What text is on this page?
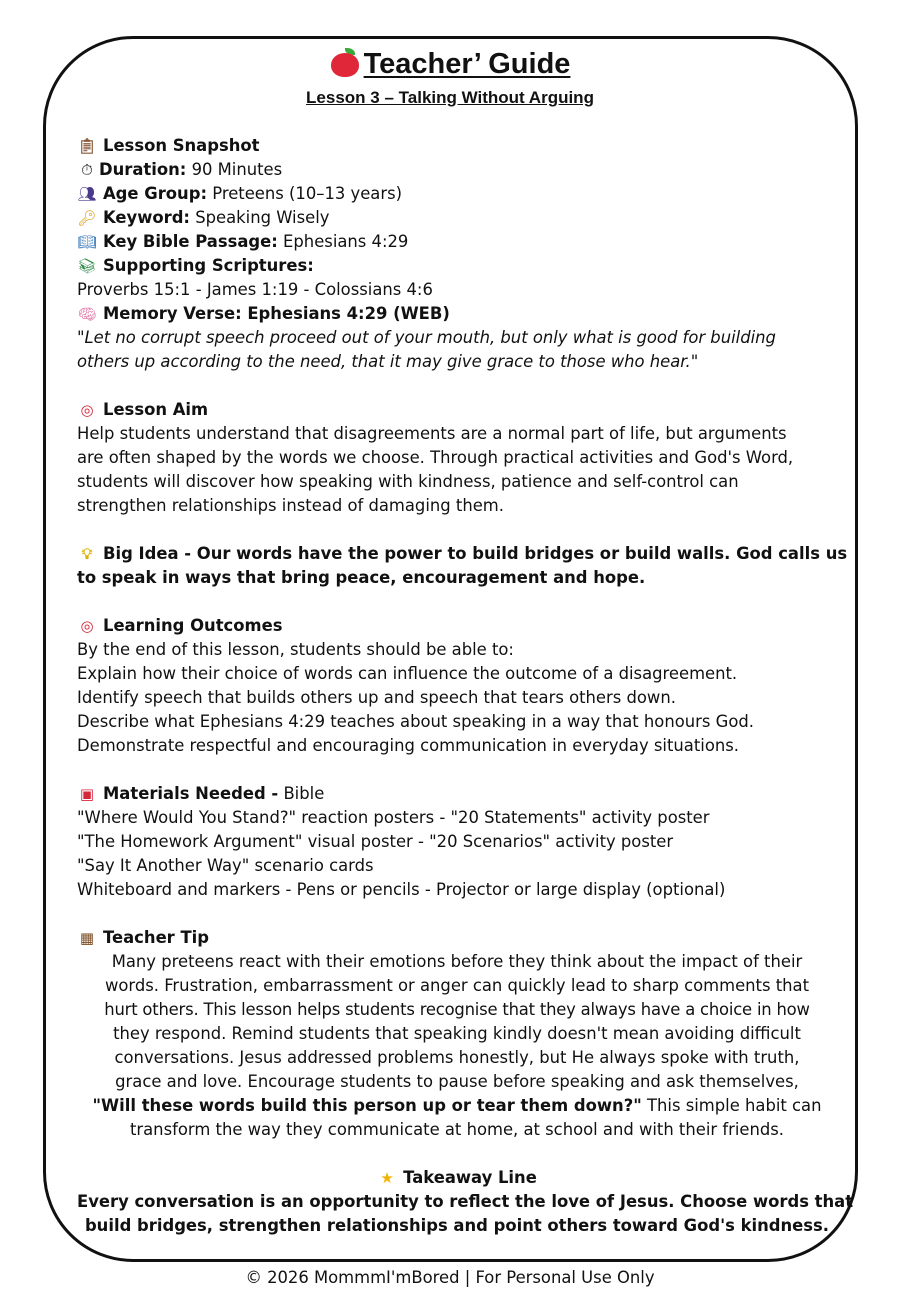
Teacher’ Guide
Lesson 3 – Talking Without Arguing
📋︎ Lesson Snapshot
⏱︎ Duration: 90 Minutes
👥︎ Age Group: Preteens (10–13 years)
🔑︎ Keyword: Speaking Wisely
📖︎ Key Bible Passage: Ephesians 4:29
📚︎ Supporting Scriptures:
Proverbs 15:1 - James 1:19 - Colossians 4:6
🧠︎ Memory Verse: Ephesians 4:29 (WEB)
"Let no corrupt speech proceed out of your mouth, but only what is good for building
others up according to the need, that it may give grace to those who hear."
◎ Lesson Aim
Help students understand that disagreements are a normal part of life, but arguments
are often shaped by the words we choose. Through practical activities and God's Word,
students will discover how speaking with kindness, patience and self-control can
strengthen relationships instead of damaging them.
💡︎ Big Idea - Our words have the power to build bridges or build walls. God calls us
to speak in ways that bring peace, encouragement and hope.
◎ Learning Outcomes
By the end of this lesson, students should be able to:
Explain how their choice of words can influence the outcome of a disagreement.
Identify speech that builds others up and speech that tears others down.
Describe what Ephesians 4:29 teaches about speaking in a way that honours God.
Demonstrate respectful and encouraging communication in everyday situations.
▣ Materials Needed - Bible
"Where Would You Stand?" reaction posters - "20 Statements" activity poster
"The Homework Argument" visual poster - "20 Scenarios" activity poster
"Say It Another Way" scenario cards
Whiteboard and markers - Pens or pencils - Projector or large display (optional)
▦ Teacher Tip
Many preteens react with their emotions before they think about the impact of their
words. Frustration, embarrassment or anger can quickly lead to sharp comments that
hurt others. This lesson helps students recognise that they always have a choice in how
they respond. Remind students that speaking kindly doesn't mean avoiding difficult
conversations. Jesus addressed problems honestly, but He always spoke with truth,
grace and love. Encourage students to pause before speaking and ask themselves,
"Will these words build this person up or tear them down?" This simple habit can
transform the way they communicate at home, at school and with their friends.
★ Takeaway Line
Every conversation is an opportunity to reflect the love of Jesus. Choose words that
build bridges, strengthen relationships and point others toward God's kindness.
© 2026 MommmI'mBored | For Personal Use Only
